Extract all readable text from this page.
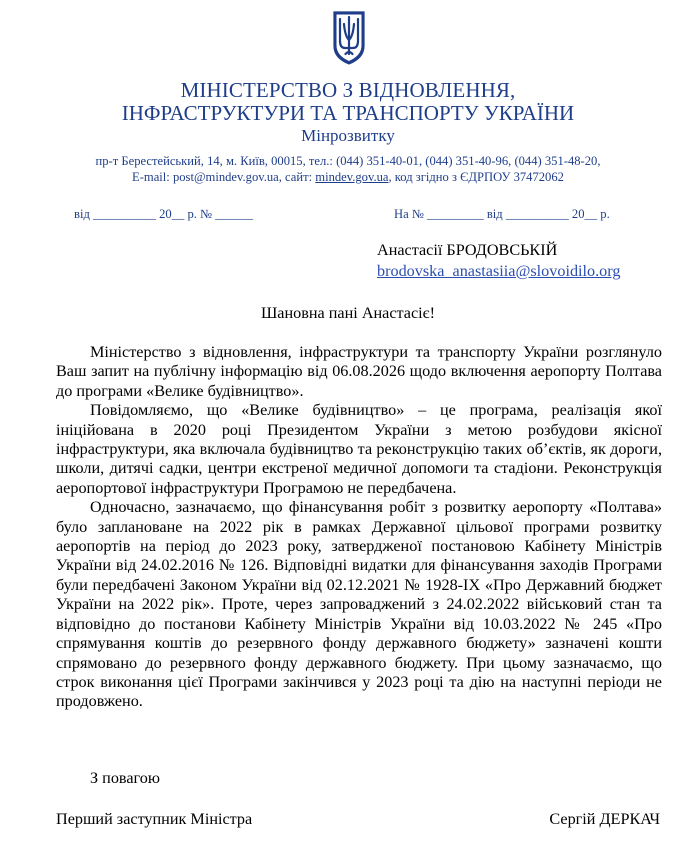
МІНІСТЕРСТВО З ВІДНОВЛЕННЯ,
ІНФРАСТРУКТУРИ ТА ТРАНСПОРТУ УКРАЇНИ
Мінрозвитку
пр-т Берестейський, 14, м. Київ, 00015, тел.: (044) 351-40-01, (044) 351-40-96, (044) 351-48-20,
E-mail: post@mindev.gov.ua, сайт: mindev.gov.ua, код згідно з ЄДРПОУ 37472062
від __________ 20__ р. № ______	На № _________ від __________ 20__ р.
Анастасії БРОДОВСЬКІЙ
brodovska_anastasiia@slovoidilo.org
Шановна пані Анастасіє!

Міністерство з відновлення, інфраструктури та транспорту України розглянуло Ваш запит на публічну інформацію від 06.08.2026 щодо включення аеропорту Полтава до програми «Велике будівництво».

Повідомляємо, що «Велике будівництво» – це програма, реалізація якої ініційована в 2020 році Президентом України з метою розбудови якісної інфраструктури, яка включала будівництво та реконструкцію таких об’єктів, як дороги, школи, дитячі садки, центри екстреної медичної допомоги та стадіони. Реконструкція аеропортової інфраструктури Програмою не передбачена.

Одночасно, зазначаємо, що фінансування робіт з розвитку аеропорту «Полтава» було заплановане на 2022 рік в рамках Державної цільової програми розвитку аеропортів на період до 2023 року, затвердженої постановою Кабінету Міністрів України від 24.02.2016 № 126. Відповідні видатки для фінансування заходів Програми були передбачені Законом України від 02.12.2021 № 1928-ІХ «Про Державний бюджет України на 2022 рік». Проте, через запроваджений з 24.02.2022 військовий стан та відповідно до постанови Кабінету Міністрів України від 10.03.2022 № 245 «Про спрямування коштів до резервного фонду державного бюджету» зазначені кошти спрямовано до резервного фонду державного бюджету. При цьому зазначаємо, що строк виконання цієї Програми закінчився у 2023 році та дію на наступні періоди не продовжено.

З повагою
Перший заступник Міністра	Сергій ДЕРКАЧ
